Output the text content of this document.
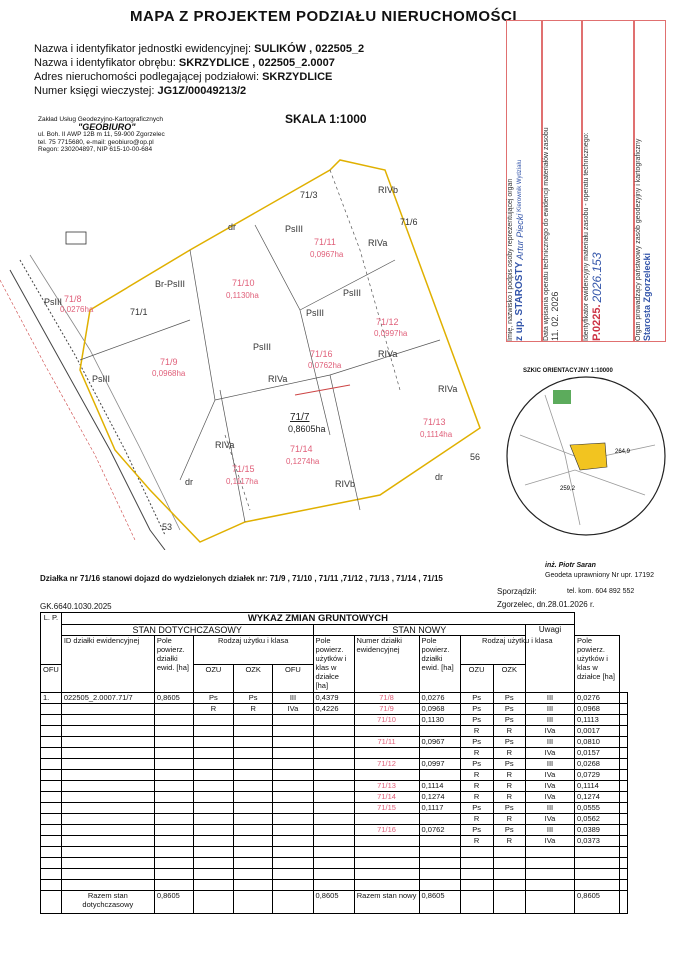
MAPA Z PROJEKTEM PODZIAŁU NIERUCHOMOŚCI
Nazwa i identyfikator jednostki ewidencyjnej: SULIKÓW , 022505_2
Nazwa i identyfikator obrębu: SKRZYDLICE , 022505_2.0007
Adres nieruchomości podlegającej podziałowi: SKRZYDLICE
Numer księgi wieczystej: JG1Z/00049213/2
Zakład Usług Geodezyjno-Kartograficznych
"GEOBIURO"
ul. Boh. II AWP 12B m 11, 59-900 Zgorzelec
tel. 75 7715680, e-mail: geobiuro@op.pl
Regon: 230204897, NIP 615-10-00-684
SKALA 1:1000
Organ prowadzący państwowy zasób geodezyjny i kartograficzny
Starosta Zgorzelecki
Identyfikator ewidencyjny materiału zasobu - operatu technicznego:
P.0225. 2026.153
Data wpisania operatu technicznego do ewidencji materiałów zasobu
11. 02. 2026
Imię, nazwisko i podpis osoby reprezentującej organ
z up. STAROSTY Artur Piecki Kierownik Wydziału
71/3
71/6
71/1
56
53
dr
dr
dr
PsIII
PsIII
PsIII
PsIII
PsIII
PsIII
RIVa
RIVa
RIVa
RIVa
RIVa
RIVb
RIVb
Br-PsIII
71/8
0,0276ha
71/9
0,0968ha
71/10
0,1130ha
71/11
0,0967ha
71/12
0,0997ha
71/16
0,0762ha
71/13
0,1114ha
71/14
0,1274ha
71/15
0,1117ha
71/7
0,8605ha
SZKIC ORIENTACYJNY 1:10000
264,9
259,2
Działka nr 71/16 stanowi dojazd do wydzielonych działek nr: 71/9 , 71/10 , 71/11 ,71/12 , 71/13 , 71/14 , 71/15
inż. Piotr Saran
Geodeta uprawniony Nr upr. 17192
Sporządził:	tel. kom. 604 892 552
Zgorzelec, dn.28.01.2026 r.
GK.6640.1030.2025
L. P.	WYKAZ ZMIAN GRUNTOWYCH												
	STAN DOTYCHCZASOWY					STAN NOWY					Uwagi		
	ID działki ewidencyjnej	Pole powierz. działki ewid. [ha]	Rodzaj użytku i klasa			Pole powierz. użytków i klas w działce [ha]	Numer działki ewidencyjnej	Pole powierz. działki ewid. [ha]	Rodzaj użytku i klasa			Pole powierz. użytków i klas w działce [ha]	
OFU			OZU	OZK	OFU				OZU	OZK			
1.	022505_2.0007.71/7	0,8605	Ps	Ps	III	0,4379	71/8	0,0276	Ps	Ps	III	0,0276	
			R	R	IVa	0,4226	71/9	0,0968	Ps	Ps	III	0,0968	
							71/10	0,1130	Ps	Ps	III	0,1113	
									R	R	IVa	0,0017	
							71/11	0,0967	Ps	Ps	III	0,0810	
									R	R	IVa	0,0157	
							71/12	0,0997	Ps	Ps	III	0,0268	
									R	R	IVa	0,0729	
							71/13	0,1114	R	R	IVa	0,1114	
							71/14	0,1274	R	R	IVa	0,1274	
							71/15	0,1117	Ps	Ps	III	0,0555	
									R	R	IVa	0,0562	
							71/16	0,0762	Ps	Ps	III	0,0389	
									R	R	IVa	0,0373	

	Razem stan dotychczasowy	0,8605				0,8605	Razem stan nowy	0,8605				0,8605	
